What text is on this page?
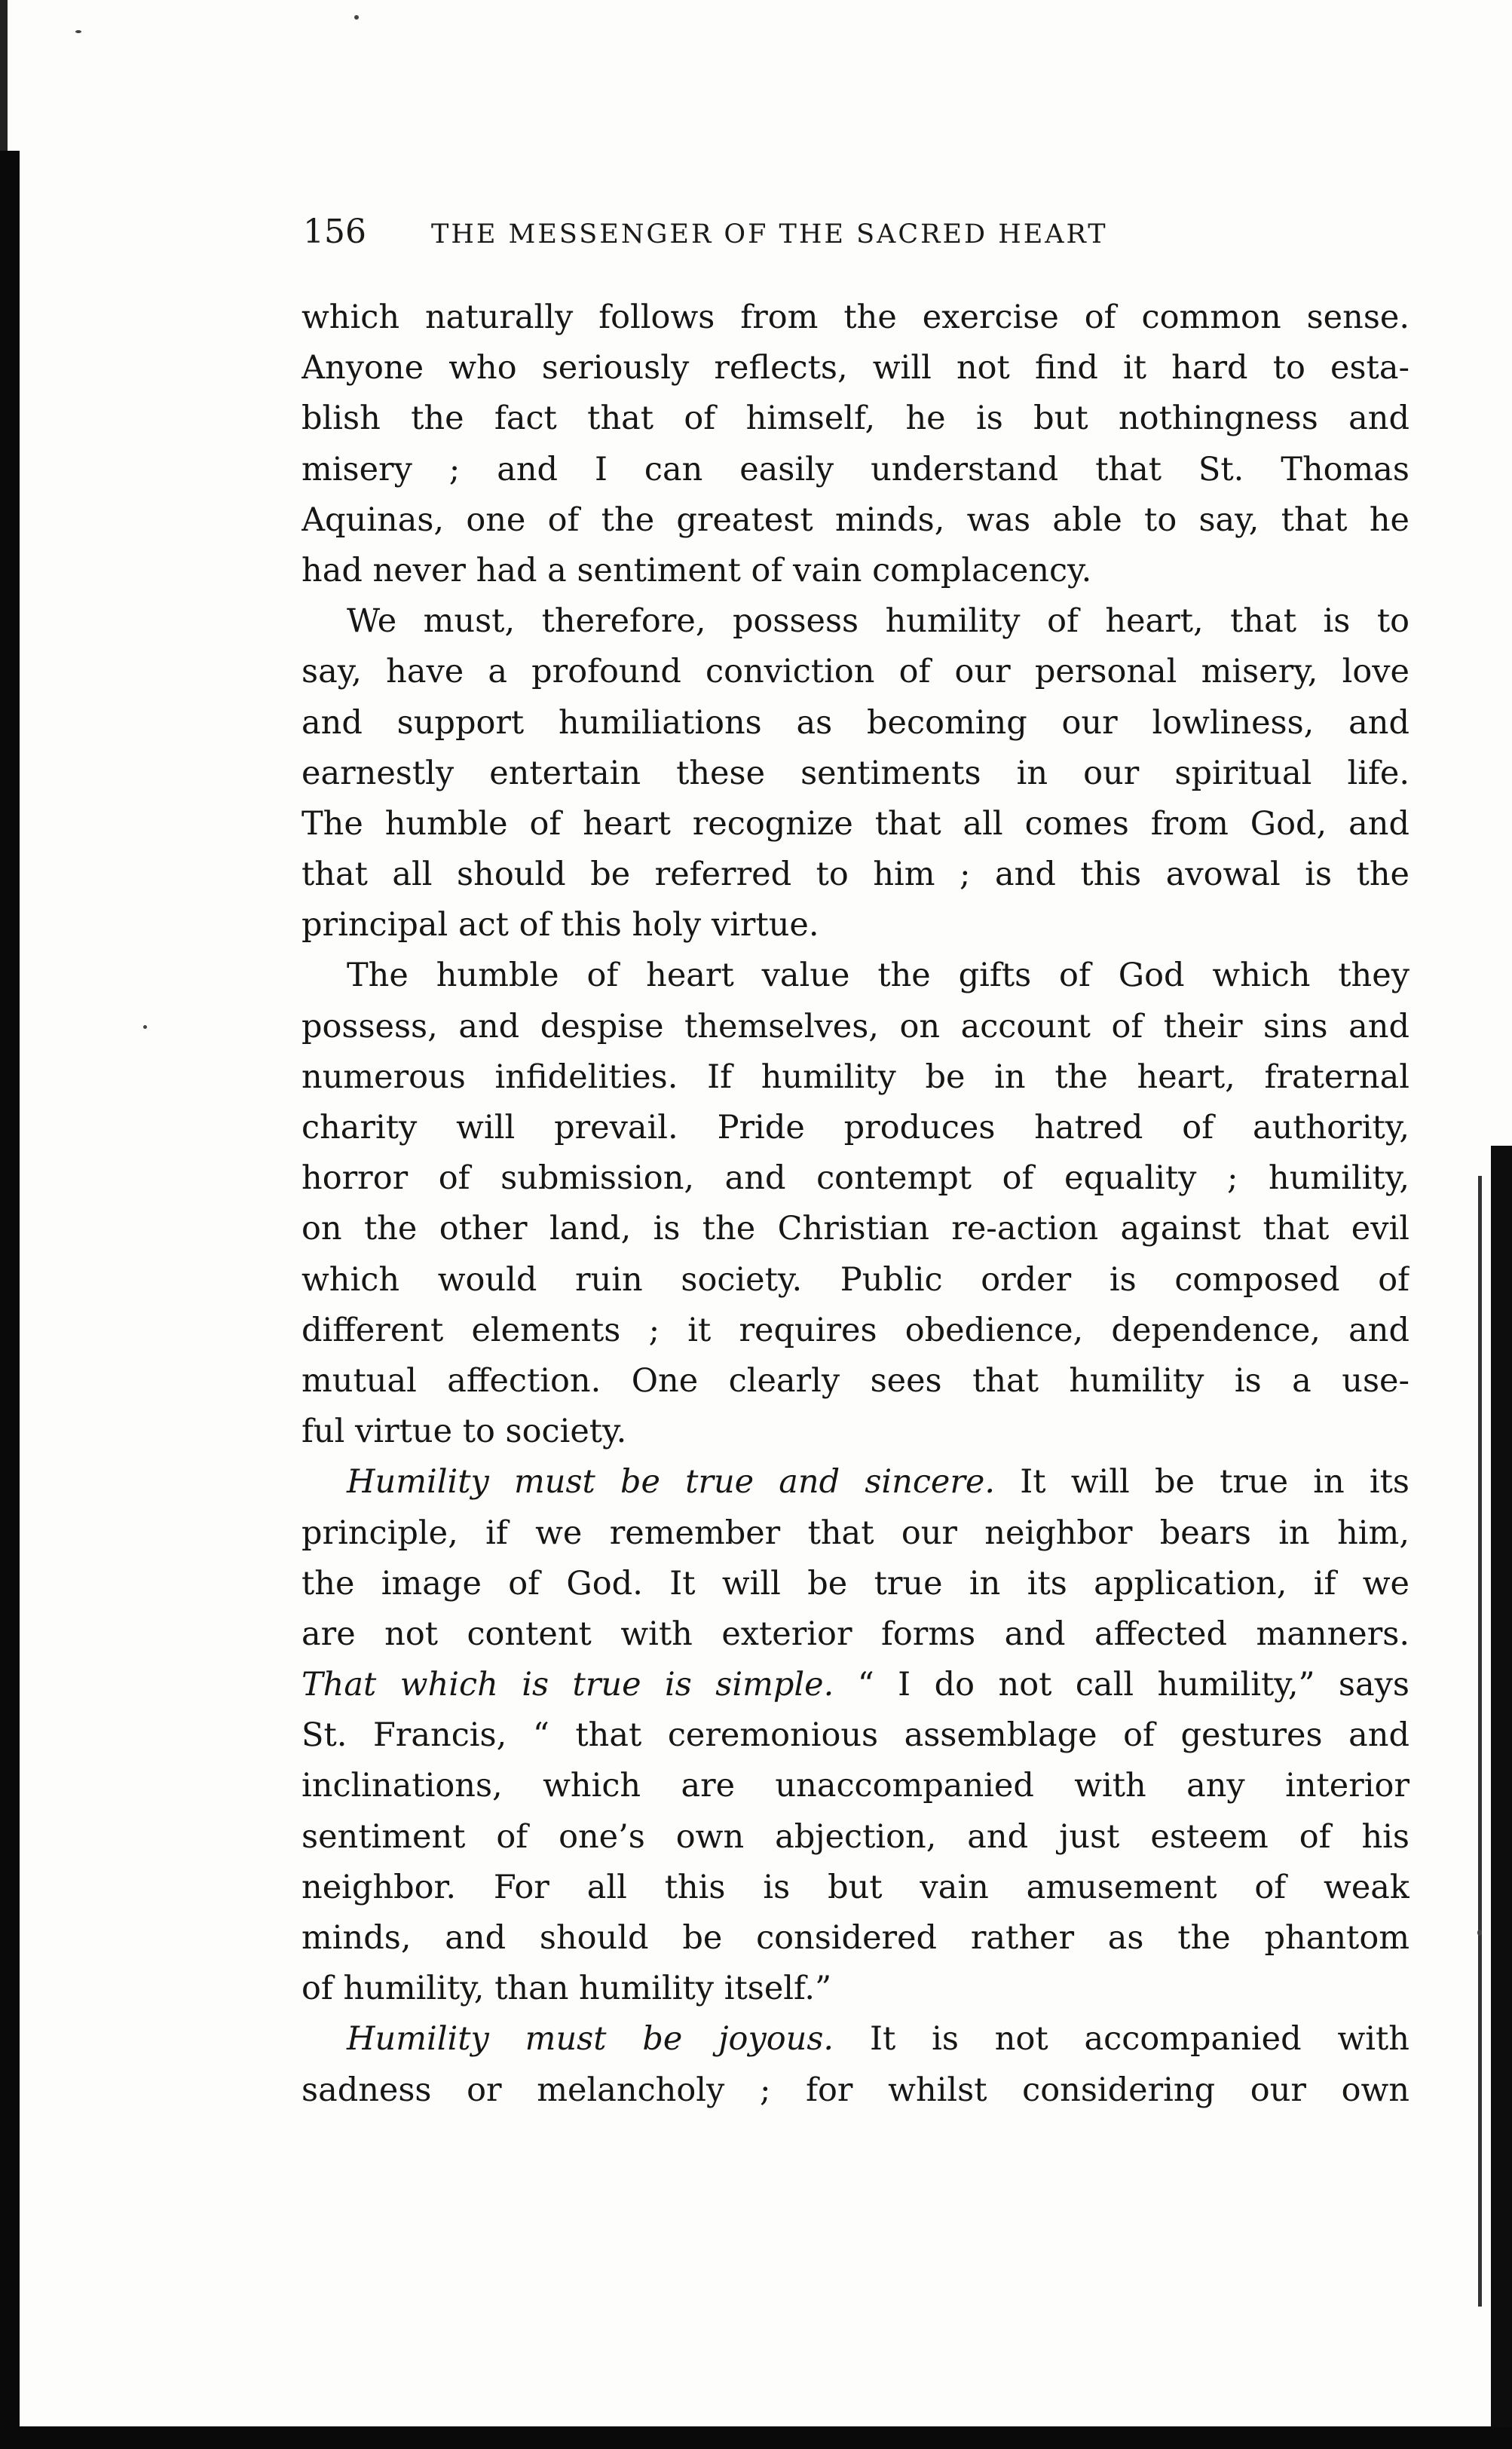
156	THE MESSENGER OF THE SACRED HEART
which naturally follows from the exercise of common sense.
Anyone who seriously reflects, will not find it hard to esta-
blish the fact that of himself, he is but nothingness and
misery ; and I can easily understand that St. Thomas
Aquinas, one of the greatest minds, was able to say, that he
had never had a sentiment of vain complacency.
We must, therefore, possess humility of heart, that is to
say, have a profound conviction of our personal misery, love
and support humiliations as becoming our lowliness, and
earnestly entertain these sentiments in our spiritual life.
The humble of heart recognize that all comes from God, and
that all should be referred to him ; and this avowal is the
principal act of this holy virtue.
The humble of heart value the gifts of God which they
possess, and despise themselves, on account of their sins and
numerous infidelities. If humility be in the heart, fraternal
charity will prevail. Pride produces hatred of authority,
horror of submission, and contempt of equality ; humility,
on the other land, is the Christian re-action against that evil
which would ruin society. Public order is composed of
different elements ; it requires obedience, dependence, and
mutual affection. One clearly sees that humility is a use-
ful virtue to society.
Humility must be true and sincere. It will be true in its
principle, if we remember that our neighbor bears in him,
the image of God. It will be true in its application, if we
are not content with exterior forms and affected manners.
That which is true is simple. “ I do not call humility,” says
St. Francis, “ that ceremonious assemblage of gestures and
inclinations, which are unaccompanied with any interior
sentiment of one’s own abjection, and just esteem of his
neighbor. For all this is but vain amusement of weak
minds, and should be considered rather as the phantom
of humility, than humility itself.”
Humility must be joyous. It is not accompanied with
sadness or melancholy ; for whilst considering our own
